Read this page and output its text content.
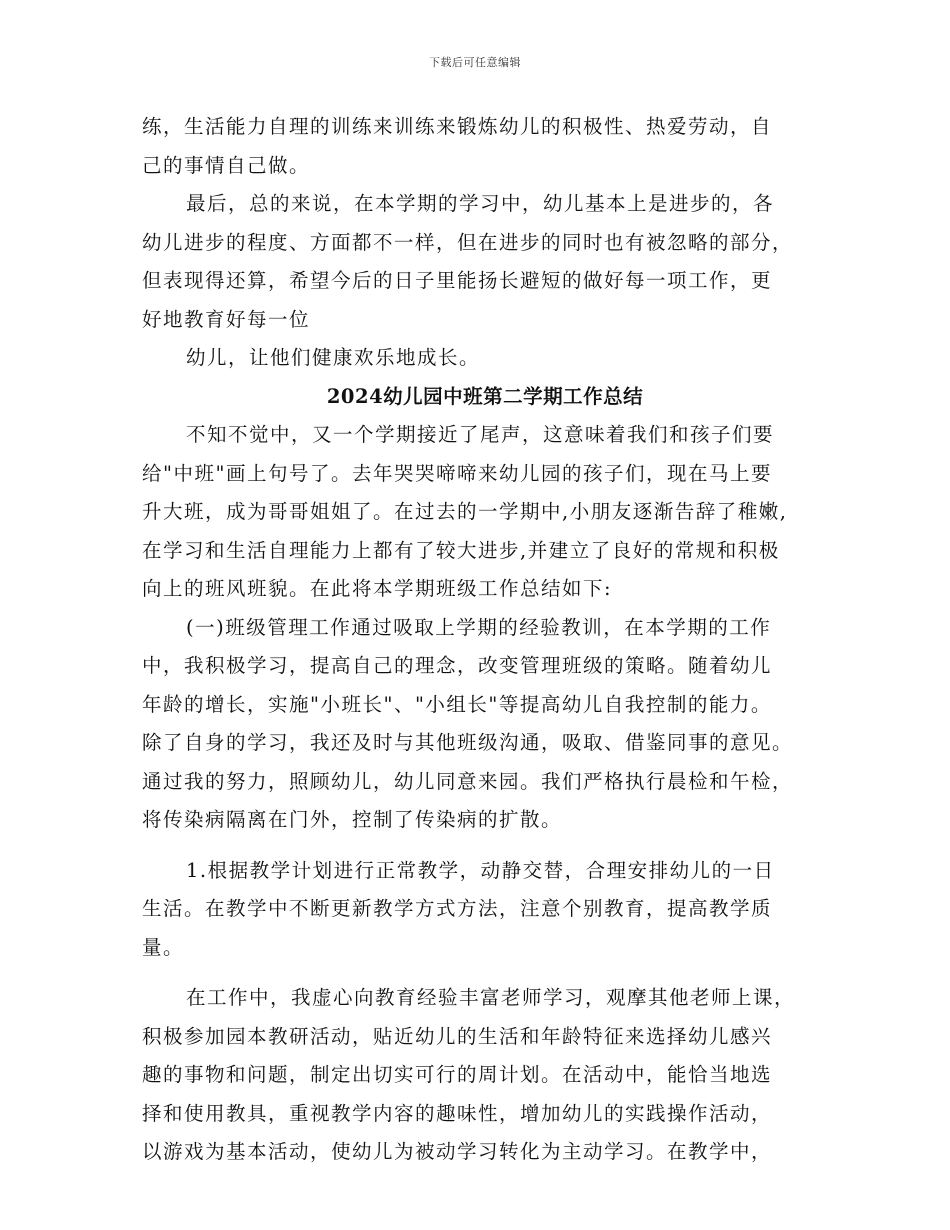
下载后可任意编辑
练，生活能力自理的训练来训练来锻炼幼儿的积极性、热爱劳动，自
己的事情自己做。
最后，总的来说，在本学期的学习中，幼儿基本上是进步的，各
幼儿进步的程度、方面都不一样，但在进步的同时也有被忽略的部分，
但表现得还算，希望今后的日子里能扬长避短的做好每一项工作，更
好地教育好每一位
幼儿，让他们健康欢乐地成长。
2024幼儿园中班第二学期工作总结
不知不觉中，又一个学期接近了尾声，这意味着我们和孩子们要
给"中班"画上句号了。去年哭哭啼啼来幼儿园的孩子们，现在马上要
升大班，成为哥哥姐姐了。在过去的一学期中,小朋友逐渐告辞了稚嫩,
在学习和生活自理能力上都有了较大进步,并建立了良好的常规和积极
向上的班风班貌。在此将本学期班级工作总结如下:
(一)班级管理工作通过吸取上学期的经验教训，在本学期的工作
中，我积极学习，提高自己的理念，改变管理班级的策略。随着幼儿
年龄的增长，实施"小班长"、"小组长"等提高幼儿自我控制的能力。
除了自身的学习，我还及时与其他班级沟通，吸取、借鉴同事的意见。
通过我的努力，照顾幼儿，幼儿同意来园。我们严格执行晨检和午检，
将传染病隔离在门外，控制了传染病的扩散。
1.根据教学计划进行正常教学，动静交替，合理安排幼儿的一日
生活。在教学中不断更新教学方式方法，注意个别教育，提高教学质
量。
在工作中，我虚心向教育经验丰富老师学习，观摩其他老师上课，
积极参加园本教研活动，贴近幼儿的生活和年龄特征来选择幼儿感兴
趣的事物和问题，制定出切实可行的周计划。在活动中，能恰当地选
择和使用教具，重视教学内容的趣味性，增加幼儿的实践操作活动，
以游戏为基本活动，使幼儿为被动学习转化为主动学习。在教学中，
